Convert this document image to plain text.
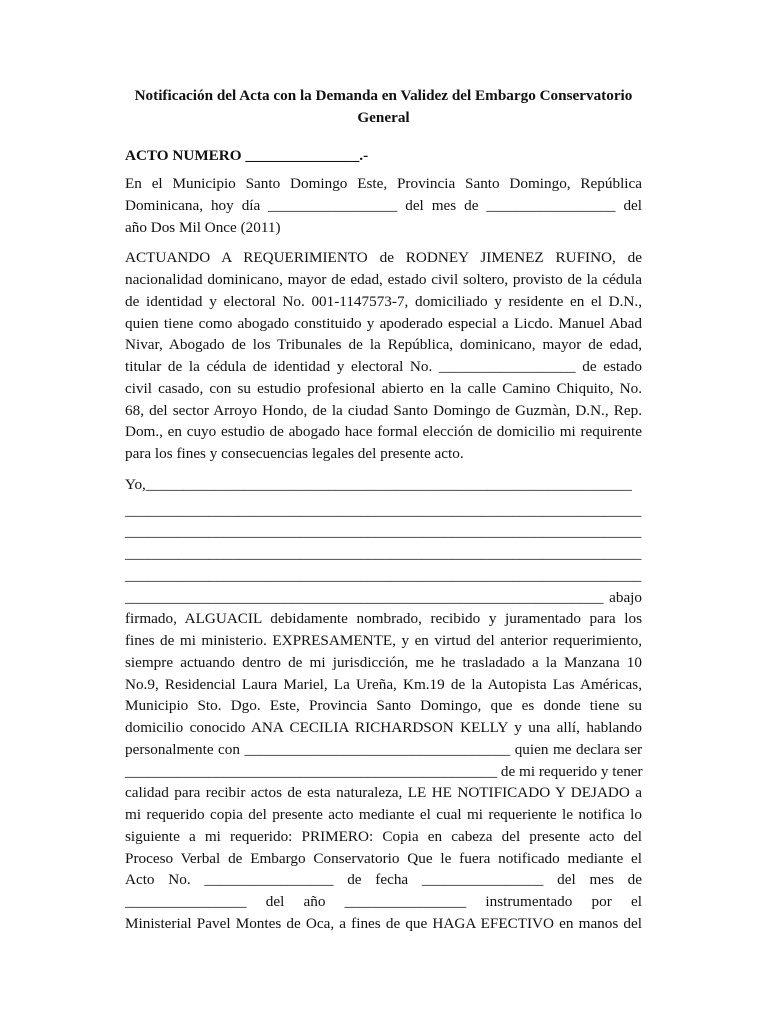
Notificación del Acta con la Demanda en Validez del Embargo Conservatorio
General
ACTO NUMERO _______________.-
En el Municipio Santo Domingo Este, Provincia Santo Domingo, República
Dominicana, hoy día _________________ del mes de _________________ del
año Dos Mil Once (2011)
ACTUANDO A REQUERIMIENTO de RODNEY JIMENEZ RUFINO, de
nacionalidad dominicano, mayor de edad, estado civil soltero, provisto de la cédula
de identidad y electoral No. 001-1147573-7, domiciliado y residente en el D.N.,
quien tiene como abogado constituido y apoderado especial a Licdo. Manuel Abad
Nivar, Abogado de los Tribunales de la República, dominicano, mayor de edad,
titular de la cédula de identidad y electoral No. __________________ de estado
civil casado, con su estudio profesional abierto en la calle Camino Chiquito, No.
68, del sector Arroyo Hondo, de la ciudad Santo Domingo de Guzmàn, D.N., Rep.
Dom., en cuyo estudio de abogado hace formal elección de domicilio mi requirente
para los fines y consecuencias legales del presente acto.
Yo,________________________________________________________________
____________________________________________________________________
____________________________________________________________________
____________________________________________________________________
____________________________________________________________________
_______________________________________________________________ abajo
firmado, ALGUACIL debidamente nombrado, recibido y juramentado para los
fines de mi ministerio. EXPRESAMENTE, y en virtud del anterior requerimiento,
siempre actuando dentro de mi jurisdicción, me he trasladado a la Manzana 10
No.9, Residencial Laura Mariel, La Ureña, Km.19 de la Autopista Las Américas,
Municipio Sto. Dgo. Este, Provincia Santo Domingo, que es donde tiene su
domicilio conocido ANA CECILIA RICHARDSON KELLY y una allí, hablando
personalmente con ___________________________________ quien me declara ser
_________________________________________________ de mi requerido y tener
calidad para recibir actos de esta naturaleza, LE HE NOTIFICADO Y DEJADO a
mi requerido copia del presente acto mediante el cual mi requeriente le notifica lo
siguiente a mi requerido: PRIMERO: Copia en cabeza del presente acto del
Proceso Verbal de Embargo Conservatorio Que le fuera notificado mediante el
Acto No. _________________ de fecha ________________ del mes de
________________ del año ________________ instrumentado por el
Ministerial Pavel Montes de Oca, a fines de que HAGA EFECTIVO en manos del
